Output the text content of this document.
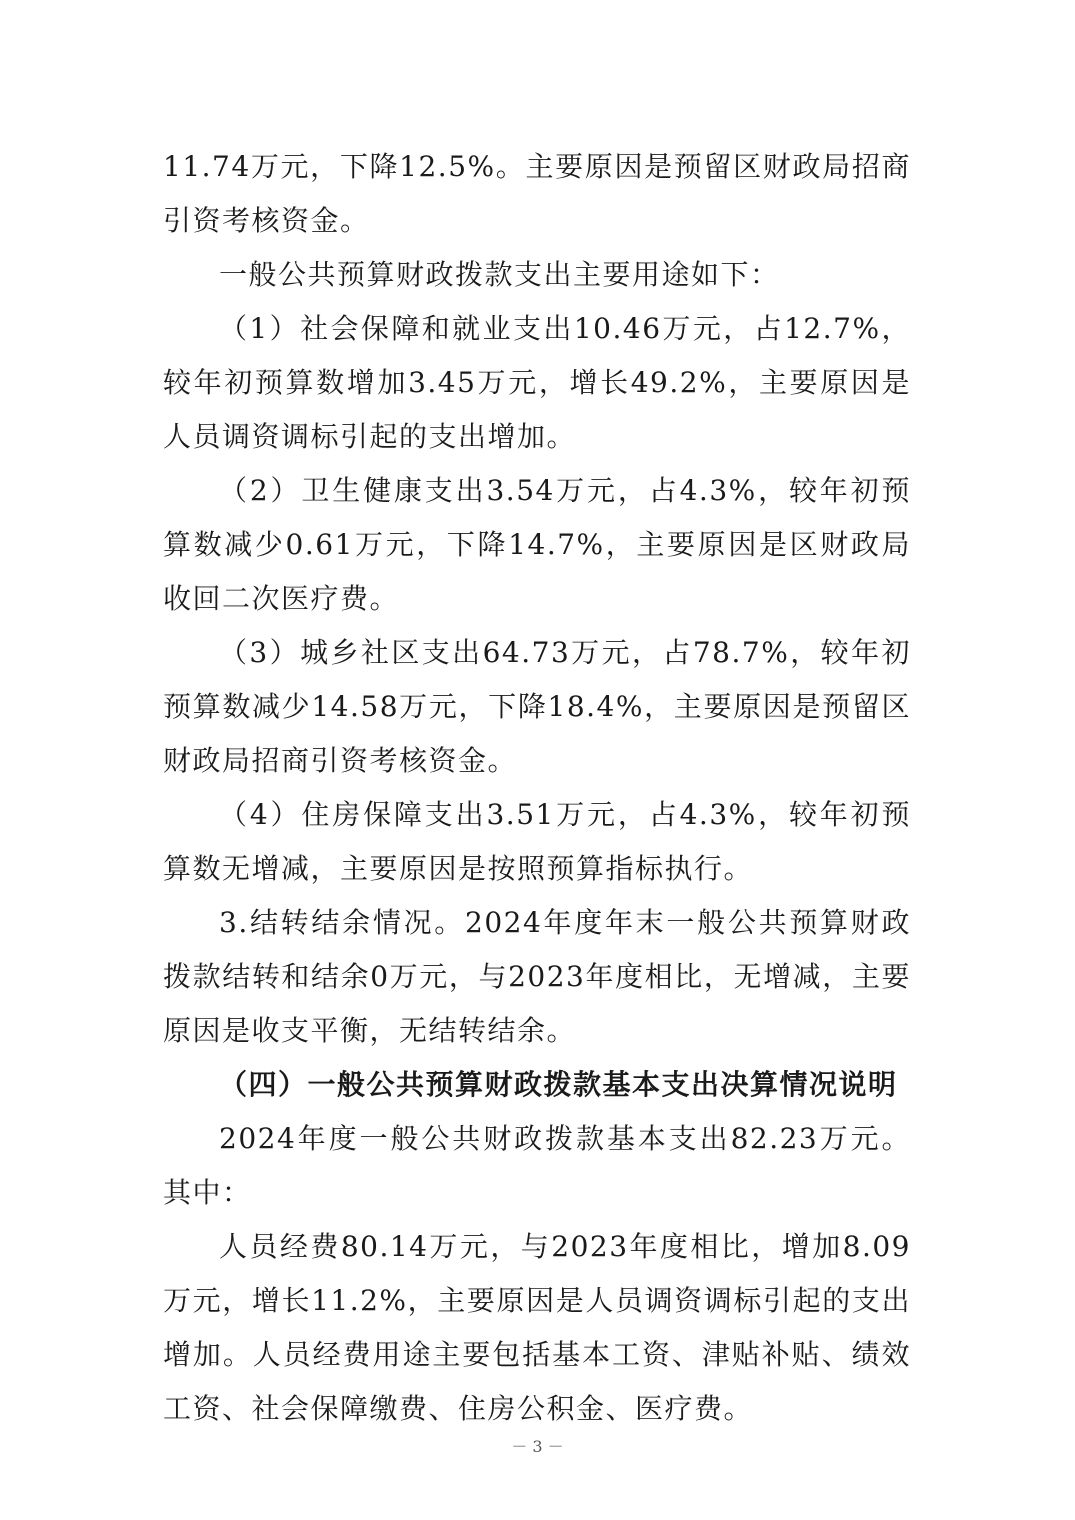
11.74万元，下降12.5%。主要原因是预留区财政局招商引资考核资金。

一般公共预算财政拨款支出主要用途如下：

（1）社会保障和就业支出10.46万元，占12.7%，较年初预算数增加3.45万元，增长49.2%，主要原因是人员调资调标引起的支出增加。

（2）卫生健康支出3.54万元，占4.3%，较年初预算数减少0.61万元，下降14.7%，主要原因是区财政局收回二次医疗费。

（3）城乡社区支出64.73万元，占78.7%，较年初预算数减少14.58万元，下降18.4%，主要原因是预留区财政局招商引资考核资金。

（4）住房保障支出3.51万元，占4.3%，较年初预算数无增减，主要原因是按照预算指标执行。

3.结转结余情况。2024年度年末一般公共预算财政拨款结转和结余0万元，与2023年度相比，无增减，主要原因是收支平衡，无结转结余。

（四）一般公共预算财政拨款基本支出决算情况说明

2024年度一般公共财政拨款基本支出82.23万元。其中：

人员经费80.14万元，与2023年度相比，增加8.09万元，增长11.2%，主要原因是人员调资调标引起的支出增加。人员经费用途主要包括基本工资、津贴补贴、绩效工资、社会保障缴费、住房公积金、医疗费。

－ 3 －
